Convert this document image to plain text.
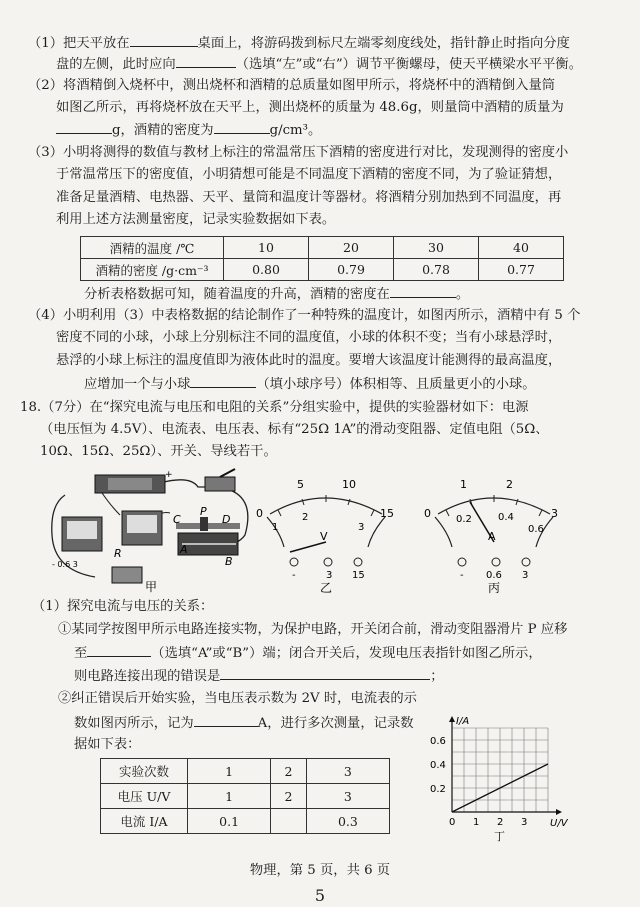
（1）把天平放在	桌面上，将游码拨到标尺左端零刻度线处，指针静止时指向分度
盘的左侧，此时应向	（选填“左”或“右”）调节平衡螺母，使天平横梁水平平衡。
（2）将酒精倒入烧杯中，测出烧杯和酒精的总质量如图甲所示，将烧杯中的酒精倒入量筒
如图乙所示，再将烧杯放在天平上，测出烧杯的质量为 48.6g，则量筒中酒精的质量为
g，酒精的密度为	g/cm³。
（3）小明将测得的数值与教材上标注的常温常压下酒精的密度进行对比，发现测得的密度小
于常温常压下的密度值，小明猜想可能是不同温度下酒精的密度不同，为了验证猜想，
准备足量酒精、电热器、天平、量筒和温度计等器材。将酒精分别加热到不同温度，再
利用上述方法测量密度，记录实验数据如下表。
酒精的温度 /℃	10	20	30	40
酒精的密度 /g·cm⁻³	0.80	0.79	0.78	0.77
分析表格数据可知，随着温度的升高，酒精的密度在	。
（4）小明利用（3）中表格数据的结论制作了一种特殊的温度计，如图丙所示，酒精中有 5 个
密度不同的小球，小球上分别标注不同的温度值，小球的体积不变；当有小球悬浮时，
悬浮的小球上标注的温度值即为液体此时的温度。要增大该温度计能测得的最高温度，
应增加一个与小球	（填小球序号）体积相等、且质量更小的小球。
18.（7分）在“探究电流与电压和电阻的关系”分组实验中，提供的实验器材如下：电源
（电压恒为 4.5V）、电流表、电压表、标有“25Ω 1A”的滑动变阻器、定值电阻（5Ω、
10Ω、15Ω、25Ω）、开关、导线若干。
+
- 0.6 3
R
C
P
D
A
B
甲
0
5	10
15
1
2
3
V
-	3 15
乙
0
1	2
3
0.2	0.4
0.6
A
- 0.6 3
丙
（1）探究电流与电压的关系：
①某同学按图甲所示电路连接实物，为保护电路，开关闭合前，滑动变阻器滑片 P 应移
至	（选填“A”或“B”）端；闭合开关后，发现电压表指针如图乙所示，
则电路连接出现的错误是	；
②纠正错误后开始实验，当电压表示数为 2V 时，电流表的示
数如图丙所示，记为	A，进行多次测量，记录数
据如下表：
实验次数	1	2	3
电压 U/V	1	2	3
电流 I/A	0.1		0.3
I/A
U/V
0 1 2 3
0.2
0.4
0.6
丁
物理，第 5 页，共 6 页
5
